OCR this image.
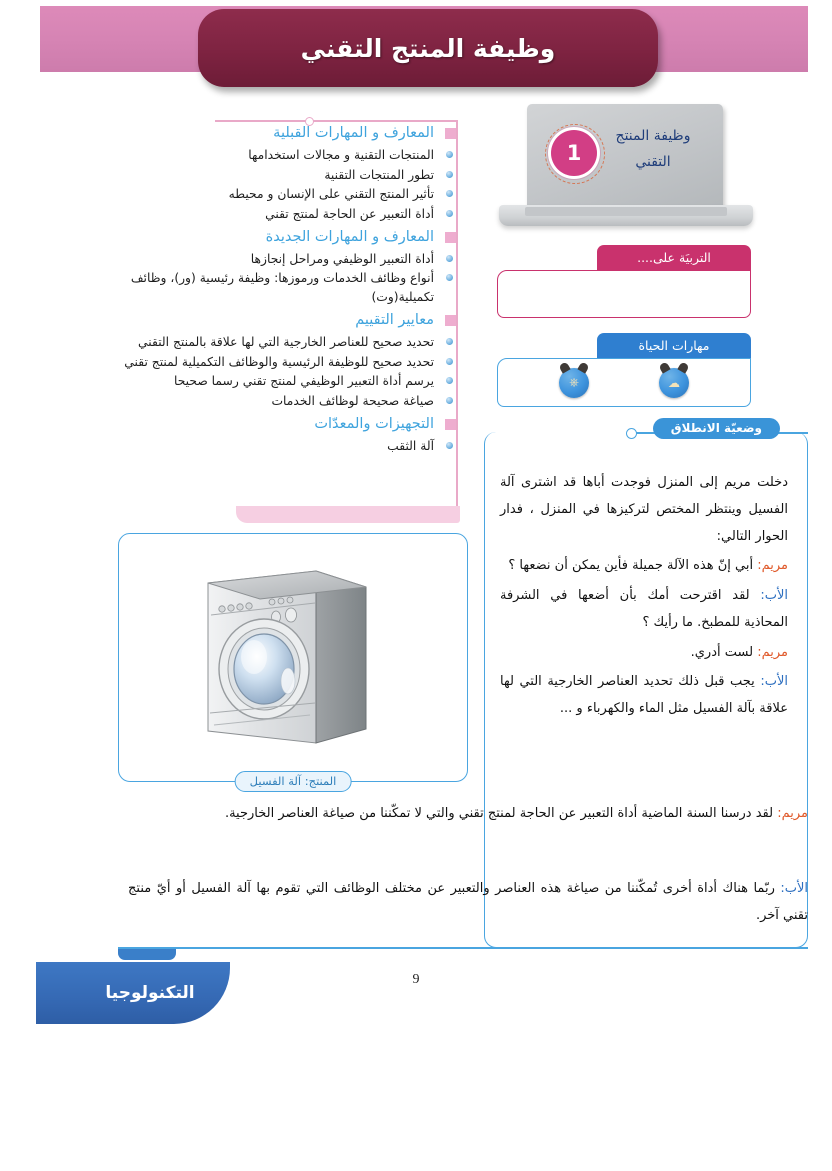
وظيفة المنتج التقني
المعارف و المهارات القبلية
المنتجات التقنية و مجالات استخدامها
تطور المنتجات التقنية
تأثير المنتج التقني على الإنسان و محيطه
أداة التعبير عن الحاجة لمنتج تقني
المعارف و المهارات الجديدة
أداة التعبير الوظيفي ومراحل إنجازها
أنواع وظائف الخدمات ورموزها: وظيفة رئيسية (ور)، وظائف تكميلية(وت)
معايير التقييم
تحديد صحيح للعناصر الخارجية التي لها علاقة بالمنتج التقني
تحديد صحيح للوظيفة الرئيسية والوظائف التكميلية لمنتج تقني
يرسم أداة التعبير الوظيفي لمنتج تقني رسما صحيحا
صياغة صحيحة لوظائف الخدمات
التجهيزات والمعدّات
آلة الثقب
وظيفة المنتج
التقني
1
التربيَة على....
مهارات الحياة
☁
⎈
وضعيّة الانطلاق

دخلت مريم إلى المنزل فوجدت أباها قد اشترى آلة الفسيل وينتظر المختص لتركيزها في المنزل ، فدار الحوار التالي:

مريم: أبي إنّ هذه الآلة جميلة فأين يمكن أن نضعها ؟

الأب: لقد اقترحت أمك بأن أضعها في الشرفة المحاذية للمطبخ. ما رأيك ؟

مريم: لست أدري.

الأب: يجب قبل ذلك تحديد العناصر الخارجية التي لها علاقة بآلة الفسيل مثل الماء والكهرباء و ...

المنتج: آلة الفسيل
مريم: لقد درسنا السنة الماضية أداة التعبير عن الحاجة لمنتج تقني والتي لا تمكّننا من صياغة العناصر الخارجية.
الأب: ربّما هناك أداة أخرى تُمكّننا من صياغة هذه العناصر والتعبير عن مختلف الوظائف التي تقوم بها آلة الفسيل أو أيّ منتج تقني آخر.
التكنولوجيا
9
